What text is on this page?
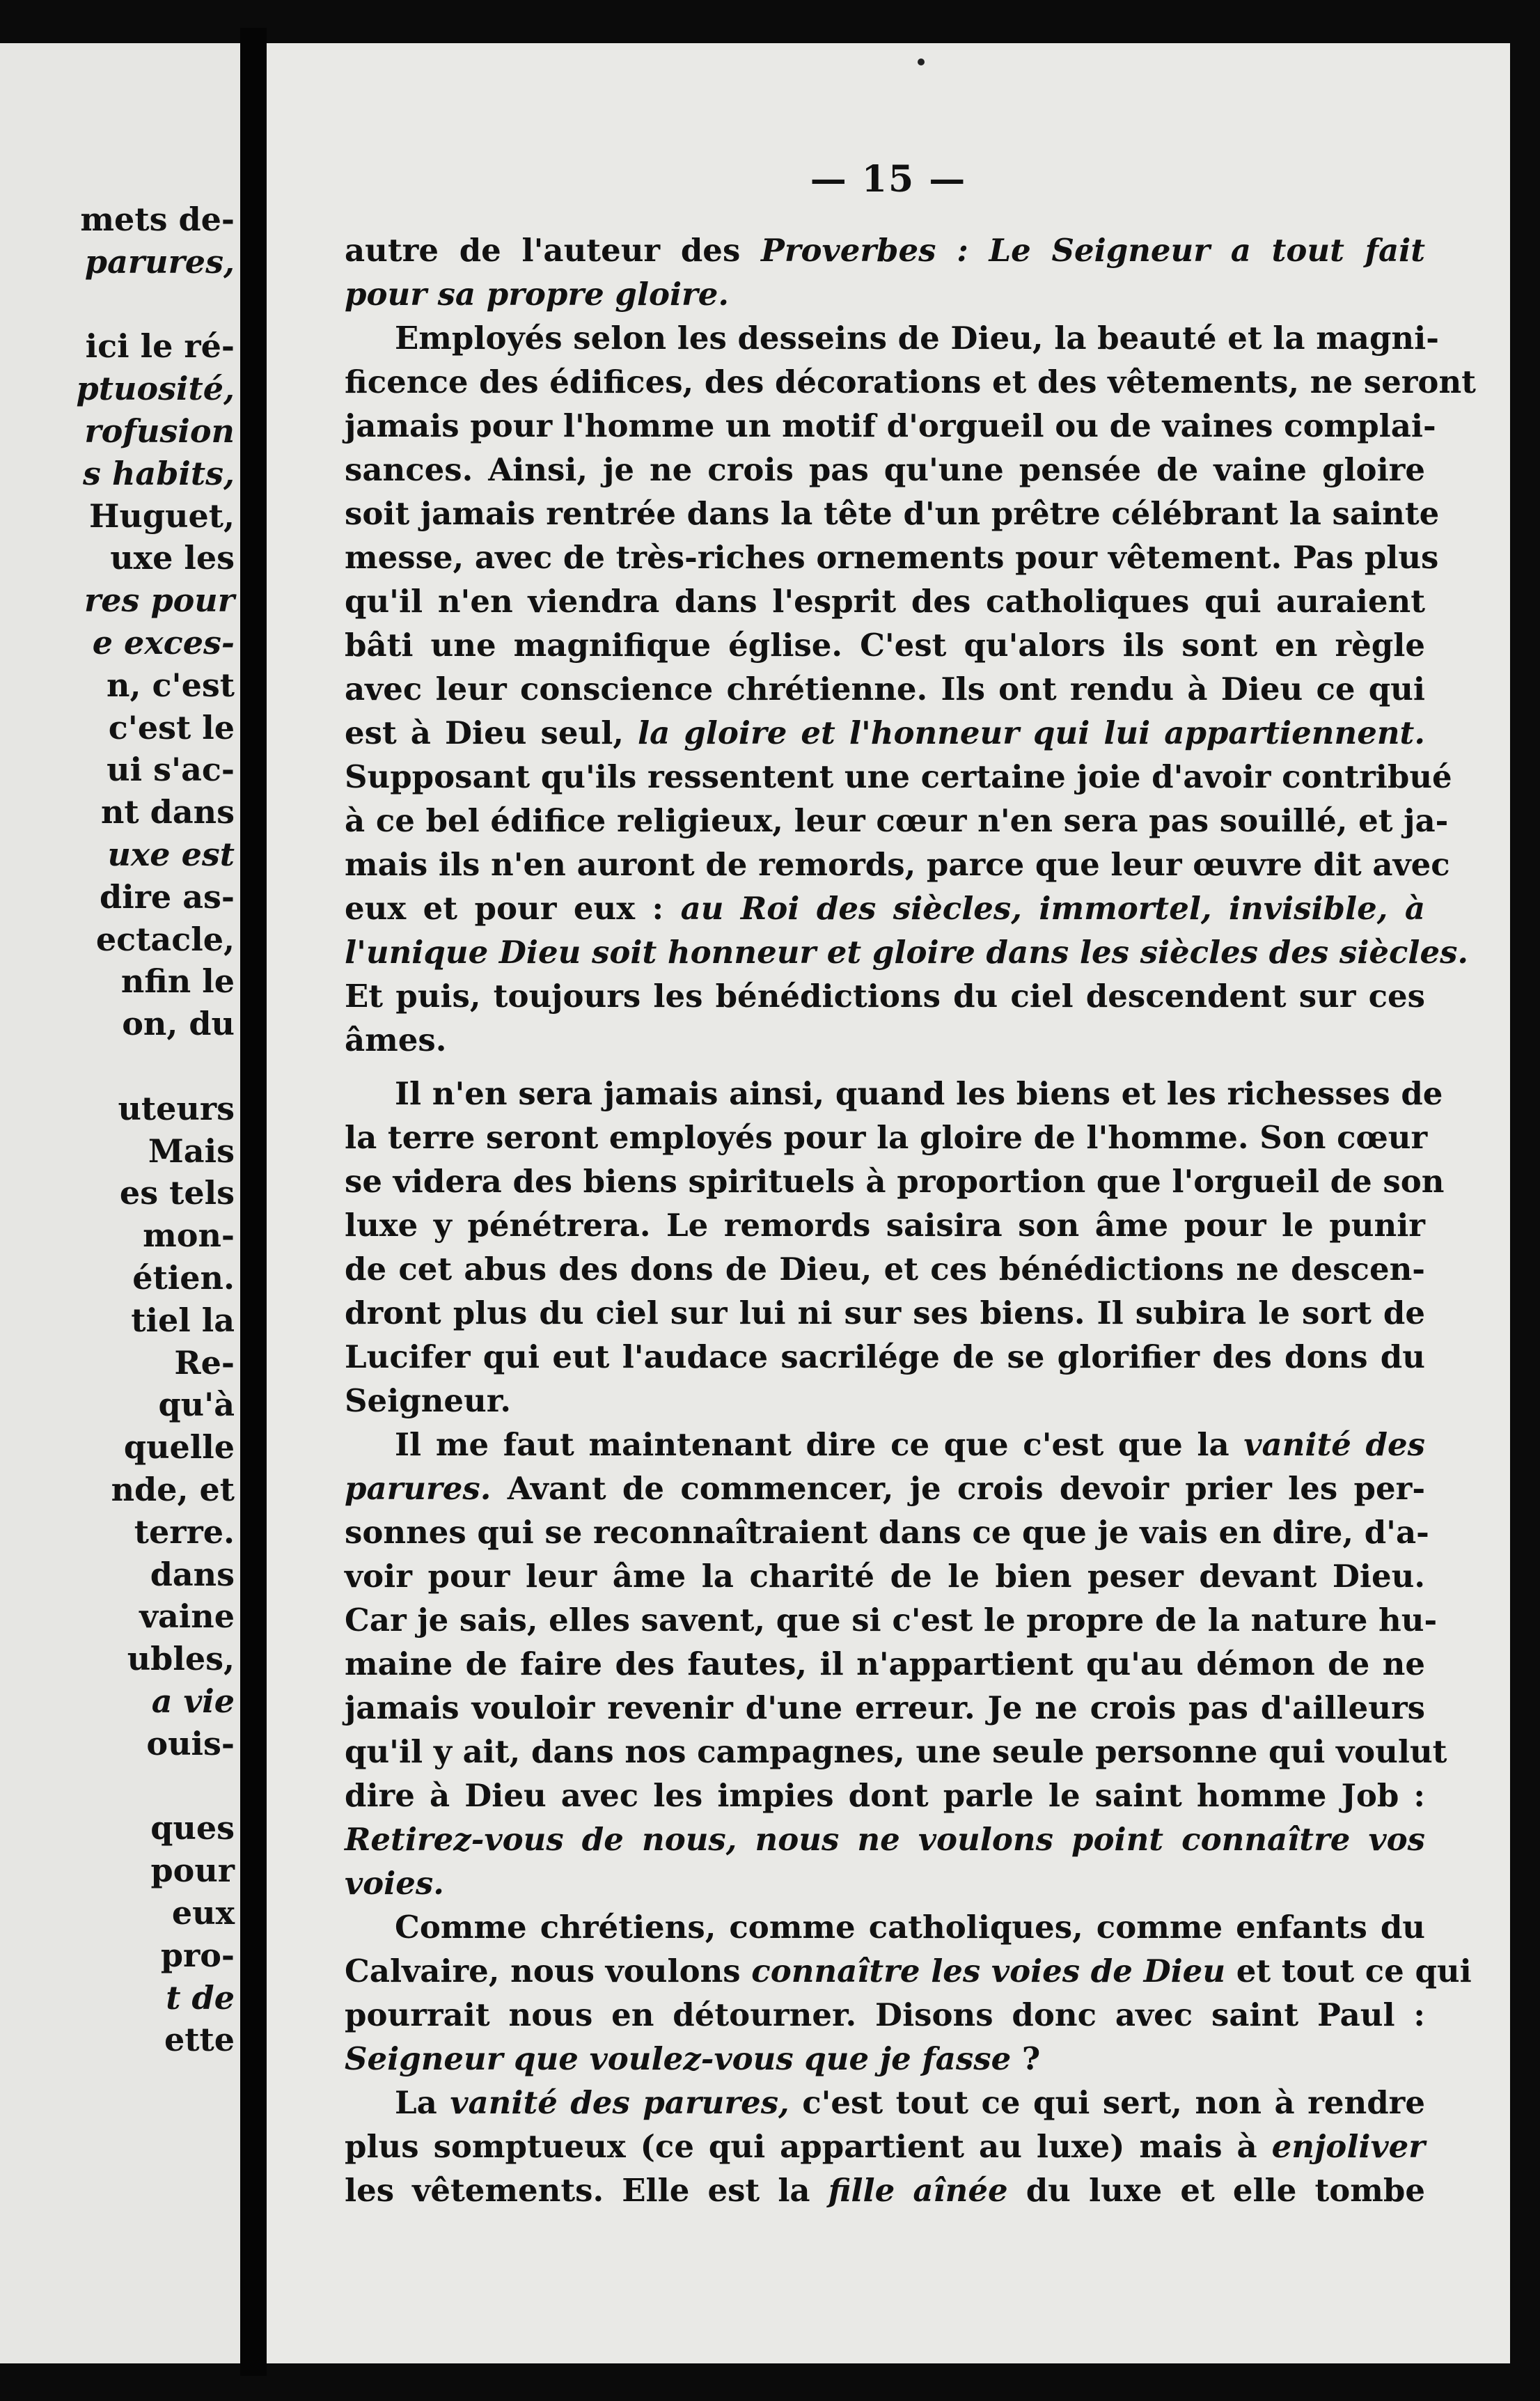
mets de-
parures,
ici le ré-
ptuosité,
rofusion
s habits,
Huguet,
uxe les
res pour
e exces-
n, c'est
c'est le
ui s'ac-
nt dans
uxe est
dire as-
ectacle,
nfin le
on, du
uteurs
Mais
es tels
mon-
étien.
tiel la
Re-
qu'à
quelle
nde, et
terre.
dans
vaine
ubles,
a vie
ouis-
ques
pour
eux
pro-
t de
ette
— 15 —
autre de l'auteur des Proverbes : Le Seigneur a tout fait
pour sa propre gloire.
Employés selon les desseins de Dieu, la beauté et la magni-
ficence des édifices, des décorations et des vêtements, ne seront
jamais pour l'homme un motif d'orgueil ou de vaines complai-
sances. Ainsi, je ne crois pas qu'une pensée de vaine gloire
soit jamais rentrée dans la tête d'un prêtre célébrant la sainte
messe, avec de très-riches ornements pour vêtement. Pas plus
qu'il n'en viendra dans l'esprit des catholiques qui auraient
bâti une magnifique église. C'est qu'alors ils sont en règle
avec leur conscience chrétienne. Ils ont rendu à Dieu ce qui
est à Dieu seul, la gloire et l'honneur qui lui appartiennent.
Supposant qu'ils ressentent une certaine joie d'avoir contribué
à ce bel édifice religieux, leur cœur n'en sera pas souillé, et ja-
mais ils n'en auront de remords, parce que leur œuvre dit avec
eux et pour eux : au Roi des siècles, immortel, invisible, à
l'unique Dieu soit honneur et gloire dans les siècles des siècles.
Et puis, toujours les bénédictions du ciel descendent sur ces
âmes.
Il n'en sera jamais ainsi, quand les biens et les richesses de
la terre seront employés pour la gloire de l'homme. Son cœur
se videra des biens spirituels à proportion que l'orgueil de son
luxe y pénétrera. Le remords saisira son âme pour le punir
de cet abus des dons de Dieu, et ces bénédictions ne descen-
dront plus du ciel sur lui ni sur ses biens. Il subira le sort de
Lucifer qui eut l'audace sacrilége de se glorifier des dons du
Seigneur.
Il me faut maintenant dire ce que c'est que la vanité des
parures. Avant de commencer, je crois devoir prier les per-
sonnes qui se reconnaîtraient dans ce que je vais en dire, d'a-
voir pour leur âme la charité de le bien peser devant Dieu.
Car je sais, elles savent, que si c'est le propre de la nature hu-
maine de faire des fautes, il n'appartient qu'au démon de ne
jamais vouloir revenir d'une erreur. Je ne crois pas d'ailleurs
qu'il y ait, dans nos campagnes, une seule personne qui voulut
dire à Dieu avec les impies dont parle le saint homme Job :
Retirez-vous de nous, nous ne voulons point connaître vos
voies.
Comme chrétiens, comme catholiques, comme enfants du
Calvaire, nous voulons connaître les voies de Dieu et tout ce qui
pourrait nous en détourner. Disons donc avec saint Paul :
Seigneur que voulez-vous que je fasse ?
La vanité des parures, c'est tout ce qui sert, non à rendre
plus somptueux (ce qui appartient au luxe) mais à enjoliver
les vêtements. Elle est la fille aînée du luxe et elle tombe
